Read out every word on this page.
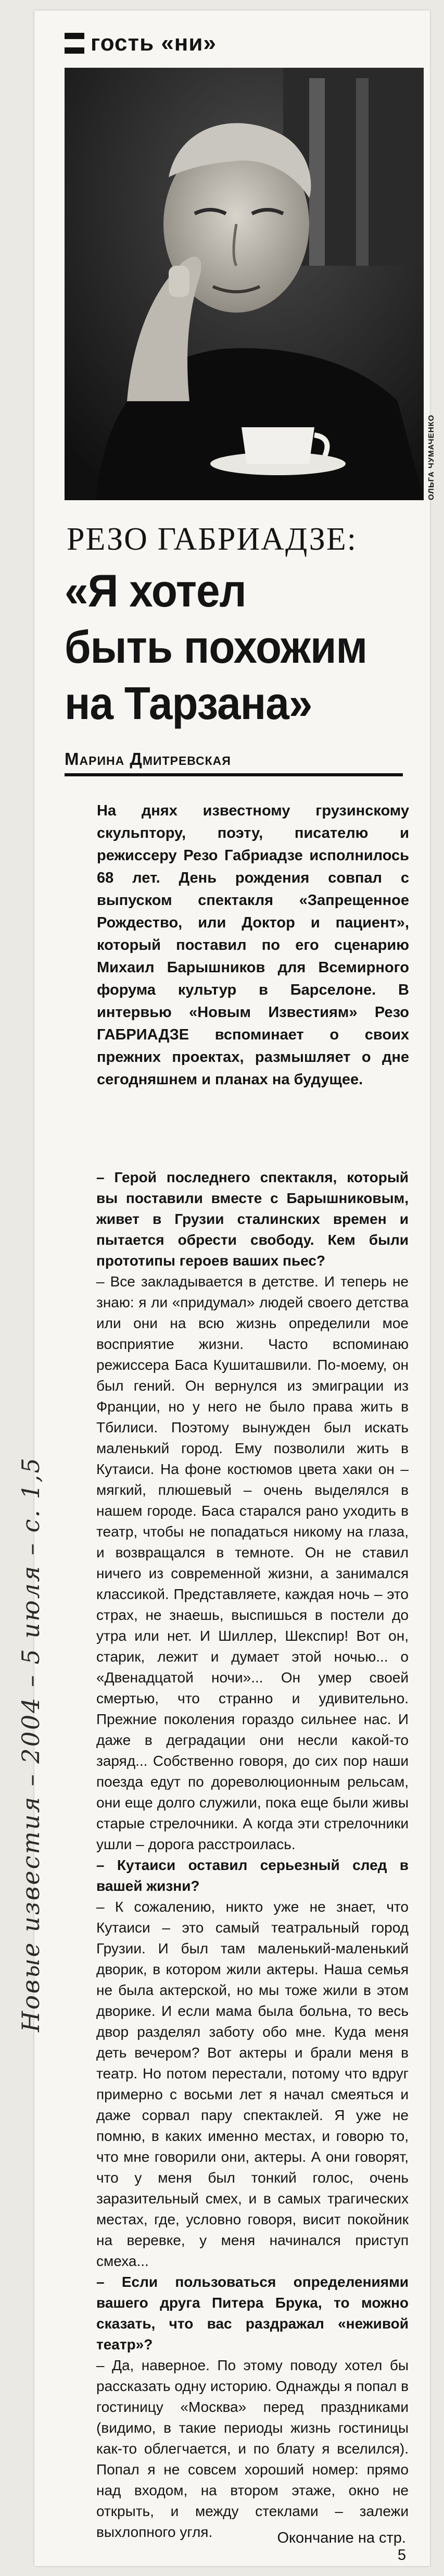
гость «ни»
ОЛЬГА ЧУМАЧЕНКО
РЕЗО ГАБРИАДЗЕ:
«Я хотел
быть похожим
на Тарзана»
Марина Дмитревская
На днях известному грузинскому скульптору, поэту, писателю и режиссеру Резо Габриадзе исполнилось 68 лет. День рождения совпал с выпуском спектакля «Запрещенное Рождество, или Доктор и пациент», который поставил по его сценарию Михаил Барышников для Всемирного форума культур в Барселоне. В интервью «Новым Известиям» Резо ГАБРИАДЗЕ вспоминает о своих прежних проектах, размышляет о дне сегодняшнем и планах на будущее.

– Герой последнего спектакля, который вы поставили вместе с Барышниковым, живет в Грузии сталинских времен и пытается обрести свободу. Кем были прототипы героев ваших пьес?

– Все закладывается в детстве. И теперь не знаю: я ли «придумал» людей своего детства или они на всю жизнь определили мое восприятие жизни. Часто вспоминаю режиссера Баса Кушиташвили. По-моему, он был гений. Он вернулся из эмиграции из Франции, но у него не было права жить в Тбилиси. Поэтому вынужден был искать маленький город. Ему позволили жить в Кутаиси. На фоне костюмов цвета хаки он – мягкий, плюшевый – очень выделялся в нашем городе. Баса старался рано уходить в театр, чтобы не попадаться никому на глаза, и возвращался в темноте. Он не ставил ничего из современной жизни, а занимался классикой. Представляете, каждая ночь – это страх, не знаешь, выспишься в постели до утра или нет. И Шиллер, Шекспир! Вот он, старик, лежит и думает этой ночью... о «Двенадцатой ночи»... Он умер своей смертью, что странно и удивительно. Прежние поколения гораздо сильнее нас. И даже в деградации они несли какой-то заряд... Собственно говоря, до сих пор наши поезда едут по дореволюционным рельсам, они еще долго служили, пока еще были живы старые стрелочники. А когда эти стрелочники ушли – дорога расстроилась.

– Кутаиси оставил серьезный след в вашей жизни?

– К сожалению, никто уже не знает, что Кутаиси – это самый театральный город Грузии. И был там маленький-маленький дворик, в котором жили актеры. Наша семья не была актерской, но мы тоже жили в этом дворике. И если мама была больна, то весь двор разделял заботу обо мне. Куда меня деть вечером? Вот актеры и брали меня в театр. Но потом перестали, потому что вдруг примерно с восьми лет я начал смеяться и даже сорвал пару спектаклей. Я уже не помню, в каких именно местах, и говорю то, что мне говорили они, актеры. А они говорят, что у меня был тонкий голос, очень заразительный смех, и в самых трагических местах, где, условно говоря, висит покойник на веревке, у меня начинался приступ смеха...

– Если пользоваться определениями вашего друга Питера Брука, то можно сказать, что вас раздражал «неживой театр»?

– Да, наверное. По этому поводу хотел бы рассказать одну историю. Однажды я попал в гостиницу «Москва» перед праздниками (видимо, в такие периоды жизнь гостиницы как-то облегчается, и по блату я вселился). Попал я не совсем хороший номер: прямо над входом, на втором этаже, окно не открыть, и между стеклами – залежи выхлопного угля.	Окончание на стр. 5
Новые известия – 2004 – 5 июля – с. 1,5
